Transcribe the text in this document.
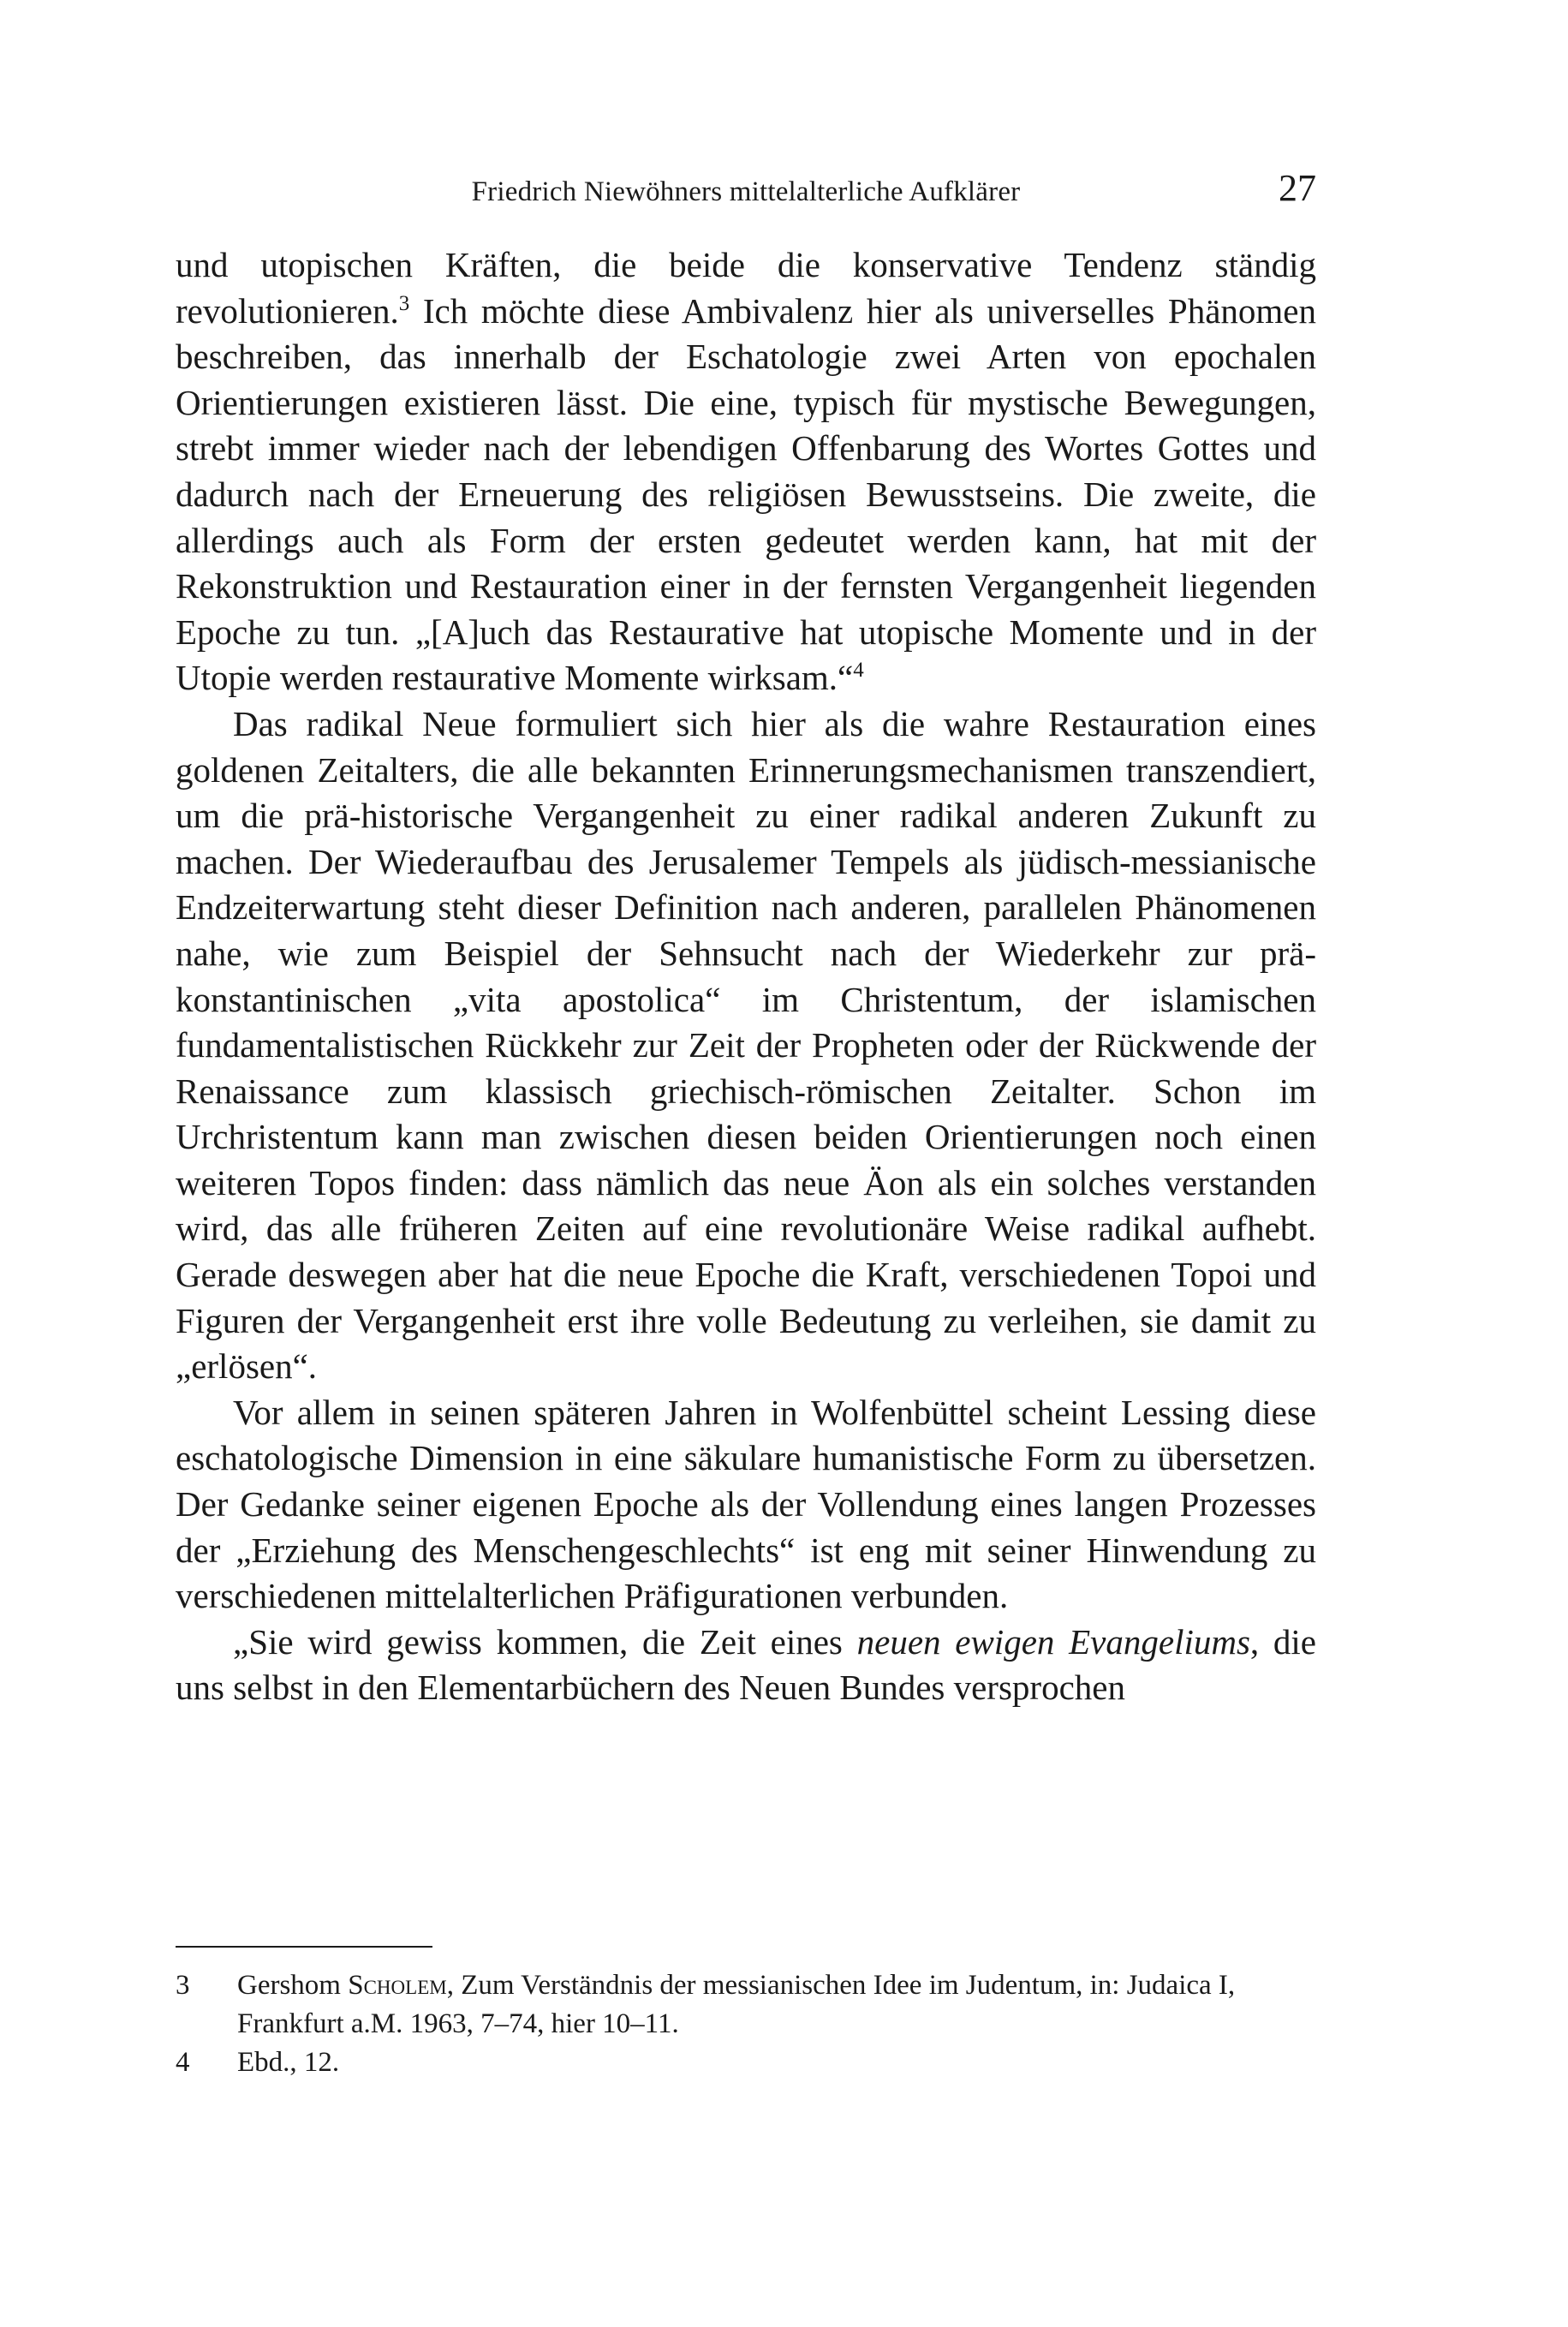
Friedrich Niewöhners mittelalterliche Aufklärer	27

und utopischen Kräften, die beide die konservative Tendenz ständig revolutionieren.$^3$ Ich möchte diese Ambivalenz hier als universelles Phänomen beschreiben, das innerhalb der Eschatologie zwei Arten von epochalen Orientierungen existieren lässt. Die eine, typisch für mystische Bewegungen, strebt immer wieder nach der lebendigen Offenbarung des Wortes Gottes und dadurch nach der Erneuerung des religiösen Bewusstseins. Die zweite, die allerdings auch als Form der ersten gedeutet werden kann, hat mit der Rekonstruktion und Restauration einer in der fernsten Vergangenheit liegenden Epoche zu tun. „[A]uch das Restaurative hat utopische Momente und in der Utopie werden restaurative Momente wirksam.“$^4$

Das radikal Neue formuliert sich hier als die wahre Restauration eines goldenen Zeitalters, die alle bekannten Erinnerungsmechanismen transzendiert, um die prä-historische Vergangenheit zu einer radikal anderen Zukunft zu machen. Der Wiederaufbau des Jerusalemer Tempels als jüdisch-messianische Endzeiterwartung steht dieser Definition nach anderen, parallelen Phänomenen nahe, wie zum Beispiel der Sehnsucht nach der Wiederkehr zur prä-konstantinischen „vita apostolica“ im Christentum, der islamischen fundamentalistischen Rückkehr zur Zeit der Propheten oder der Rückwende der Renaissance zum klassisch griechisch-römischen Zeitalter. Schon im Urchristentum kann man zwischen diesen beiden Orientierungen noch einen weiteren Topos finden: dass nämlich das neue Äon als ein solches verstanden wird, das alle früheren Zeiten auf eine revolutionäre Weise radikal aufhebt. Gerade deswegen aber hat die neue Epoche die Kraft, verschiedenen Topoi und Figuren der Vergangenheit erst ihre volle Bedeutung zu verleihen, sie damit zu „erlösen“.

Vor allem in seinen späteren Jahren in Wolfenbüttel scheint Lessing diese eschatologische Dimension in eine säkulare humanistische Form zu übersetzen. Der Gedanke seiner eigenen Epoche als der Vollendung eines langen Prozesses der „Erziehung des Menschengeschlechts“ ist eng mit seiner Hinwendung zu verschiedenen mittelalterlichen Präfigurationen verbunden.

„Sie wird gewiss kommen, die Zeit eines neuen ewigen Evangeliums, die uns selbst in den Elementarbüchern des Neuen Bundes versprochen

3	Gershom Scholem, Zum Verständnis der messianischen Idee im Judentum, in: Judaica I, Frankfurt a.M. 1963, 7–74, hier 10–11.

4	Ebd., 12.
